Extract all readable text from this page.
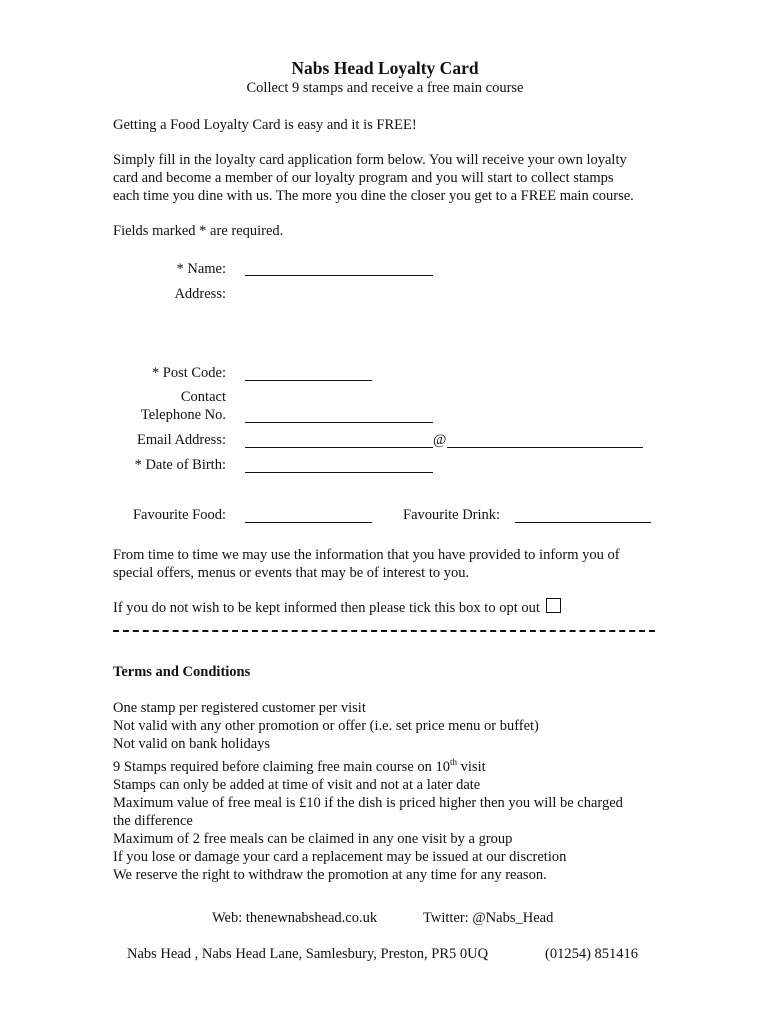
Nabs Head Loyalty Card
Collect 9 stamps and receive a free main course
Getting a Food Loyalty Card is easy and it is FREE!
Simply fill in the loyalty card application form below. You will receive your own loyalty
card and become a member of our loyalty program and you will start to collect stamps
each time you dine with us. The more you dine the closer you get to a FREE main course.
Fields marked * are required.
* Name:
Address:
* Post Code:
Contact
Telephone No.
Email Address:	@
* Date of Birth:
Favourite Food:	Favourite Drink:
From time to time we may use the information that you have provided to inform you of
special offers, menus or events that may be of interest to you.
If you do not wish to be kept informed then please tick this box to opt out
Terms and Conditions
One stamp per registered customer per visit
Not valid with any other promotion or offer (i.e. set price menu or buffet)
Not valid on bank holidays
9 Stamps required before claiming free main course on 10th visit
Stamps can only be added at time of visit and not at a later date
Maximum value of free meal is £10 if the dish is priced higher then you will be charged
the difference
Maximum of 2 free meals can be claimed in any one visit by a group
If you lose or damage your card a replacement may be issued at our discretion
We reserve the right to withdraw the promotion at any time for any reason.
Web: thenewnabshead.co.uk	Twitter: @Nabs_Head
Nabs Head , Nabs Head Lane, Samlesbury, Preston, PR5 0UQ	(01254) 851416
